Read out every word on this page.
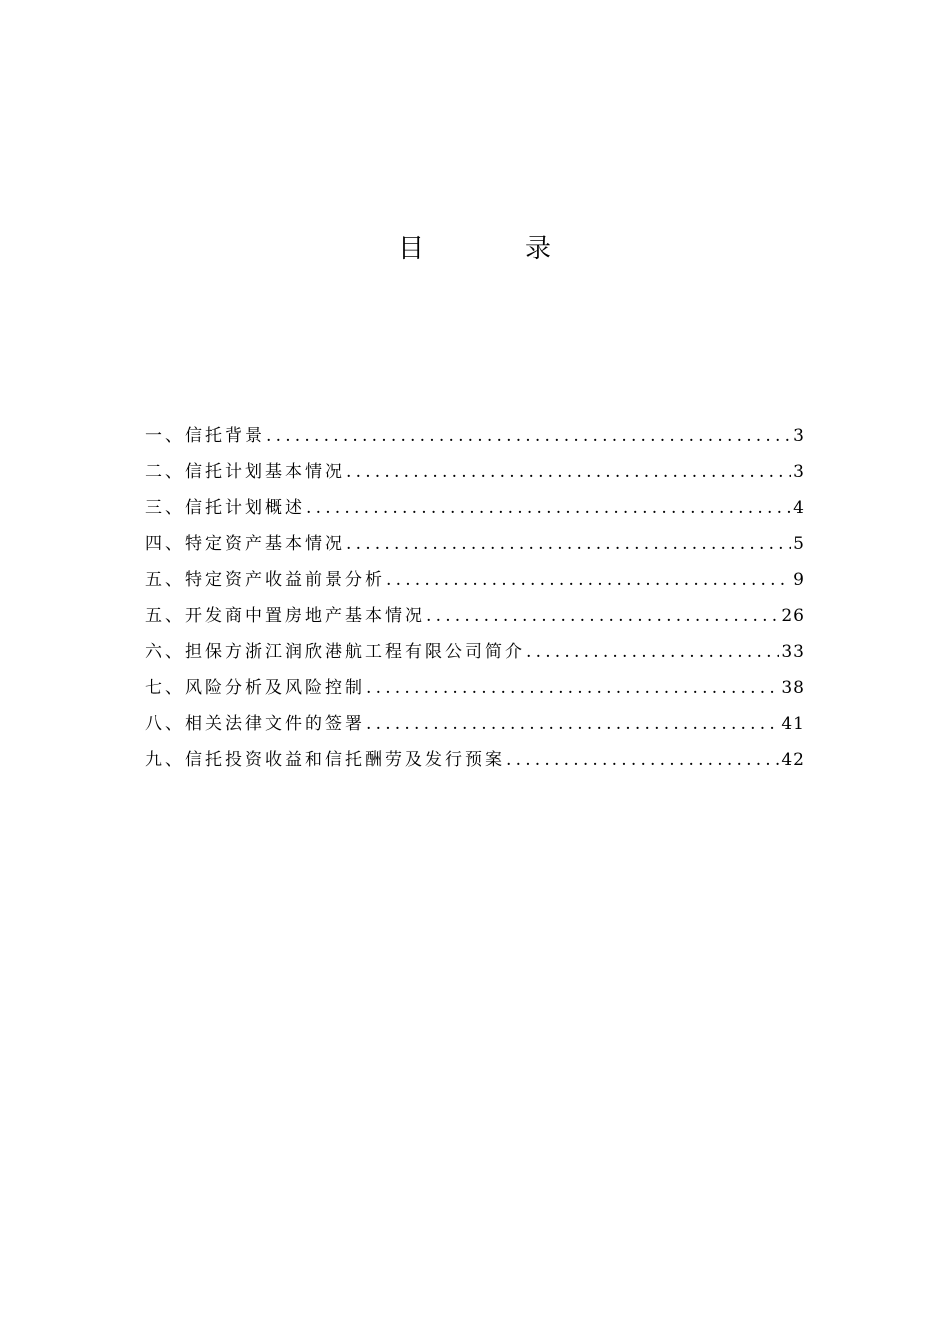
目	录
一、信托背景 .....	3
二、信托计划基本情况 .....	3
三、信托计划概述 .....	4
四、特定资产基本情况 .....	5
五、特定资产收益前景分析 .....	9
五、开发商中置房地产基本情况 .....	26
六、担保方浙江润欣港航工程有限公司简介 .....	33
七、风险分析及风险控制 .....	38
八、相关法律文件的签署 .....	41
九、信托投资收益和信托酬劳及发行预案 .....	42
